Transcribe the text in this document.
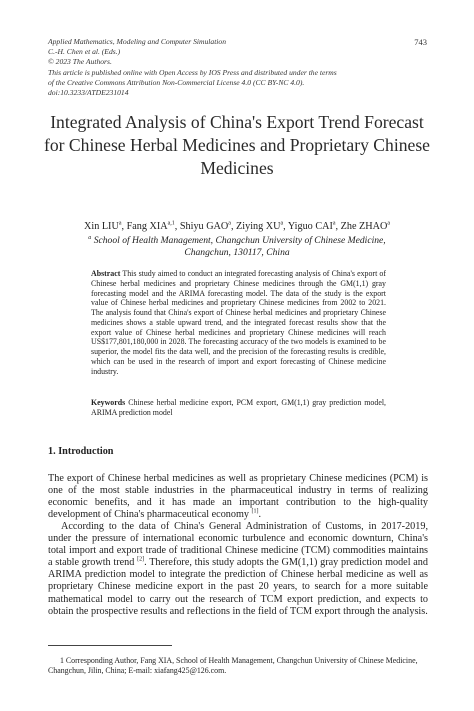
Applied Mathematics, Modeling and Computer Simulation
C.-H. Chen et al. (Eds.)
© 2023 The Authors.
This article is published online with Open Access by IOS Press and distributed under the terms
of the Creative Commons Attribution Non-Commercial License 4.0 (CC BY-NC 4.0).
doi:10.3233/ATDE231014
743
Integrated Analysis of China's Export Trend Forecast for Chinese Herbal Medicines and Proprietary Chinese Medicines
Xin LIU$^a$, Fang XIA$^{a,1}$, Shiyu GAO$^a$, Ziying $XU^a$, Yiguo CAI$^a$, Zhe ZHAO$^a$
$^a$ School of Health Management, Changchun University of Chinese Medicine,
Changchun, 130117, China
Abstract This study aimed to conduct an integrated forecasting analysis of China's export of Chinese herbal medicines and proprietary Chinese medicines through the GM(1,1) gray forecasting model and the ARIMA forecasting model. The data of the study is the export value of Chinese herbal medicines and proprietary Chinese medicines from 2002 to 2021. The analysis found that China's export of Chinese herbal medicines and proprietary Chinese medicines shows a stable upward trend, and the integrated forecast results show that the export value of Chinese herbal medicines and proprietary Chinese medicines will reach US$177,801,180,000 in 2028. The forecasting accuracy of the two models is examined to be superior, the model fits the data well, and the precision of the forecasting results is credible, which can be used in the research of import and export forecasting of Chinese medicine industry.
Keywords Chinese herbal medicine export, PCM export, GM(1,1) gray prediction model, ARIMA prediction model
1. Introduction
The export of Chinese herbal medicines as well as proprietary Chinese medicines (PCM) is one of the most stable industries in the pharmaceutical industry in terms of realizing economic benefits, and it has made an important contribution to the high-quality development of China's pharmaceutical economy [1].
According to the data of China's General Administration of Customs, in 2017-2019, under the pressure of international economic turbulence and economic downturn, China's total import and export trade of traditional Chinese medicine (TCM) commodities maintains a stable growth trend [2]. Therefore, this study adopts the GM(1,1) gray prediction model and ARIMA prediction model to integrate the prediction of Chinese herbal medicine as well as proprietary Chinese medicine export in the past 20 years, to search for a more suitable mathematical model to carry out the research of TCM export prediction, and expects to obtain the prospective results and reflections in the field of TCM export through the analysis.
1 Corresponding Author, Fang XIA, School of Health Management, Changchun University of Chinese Medicine, Changchun, Jilin, China; E-mail: xiafang425@126.com.
